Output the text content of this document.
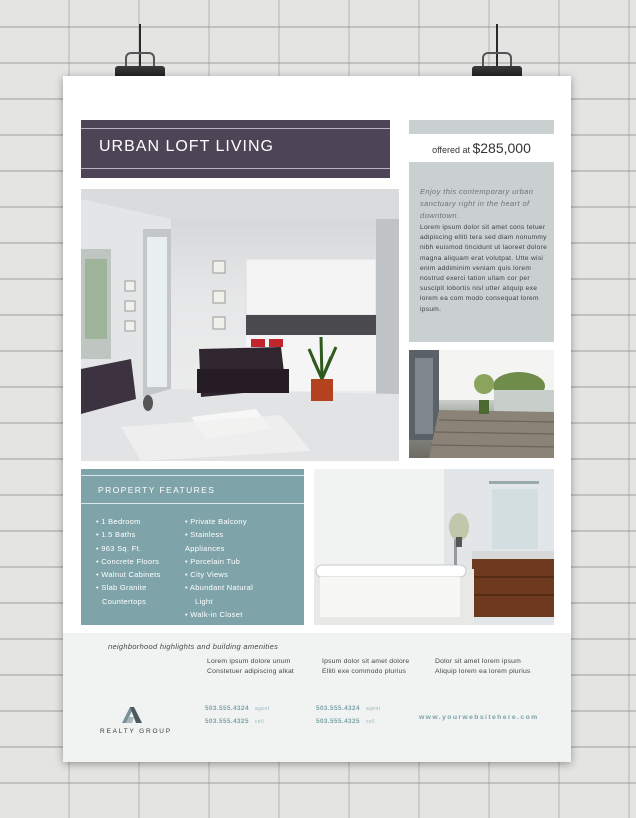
URBAN LOFT LIVING	offered at $285,000
Enjoy this contemporary urban sanctuary right in the heart of downtown.
Lorem ipsum dolor sit amet cons tetuer adipiscing elliti tera sed diam nonummy nibh euismod tincidunt ut laoreet dolore magna aliquam erat volutpat. Utte wisi enim addiminim veniam quis lorem nostrud exerci tation ullam cor per suscipit lobortis nisl utter aliquip exe lorem ea com modo consequat lorem ipsum.
PROPERTY FEATURES
• 1 Bedroom
• 1.5 Baths
• 963 Sq. Ft.
• Concrete Floors
• Walnut Cabinets
• Slab Granite
Countertops
• Private Balcony
• Stainless
Appliances
• Porcelain Tub
• City Views
• Abundant Natural
Light
• Walk-in Closet
neighborhood highlights and building amenities
Lorem ipsum dolore unum
Constetuer adipiscing alkat
Ipsum dolor sit amet dolore
Elliti exe commodo plurius
Dolor sit amet lorem ipsum
Aliquip lorem ea lorem plurius
REALTY GROUP
503.555.4324 agent
503.555.4325 cell
503.555.4324 agent
503.555.4325 cell
www.yourwebsitehere.com
